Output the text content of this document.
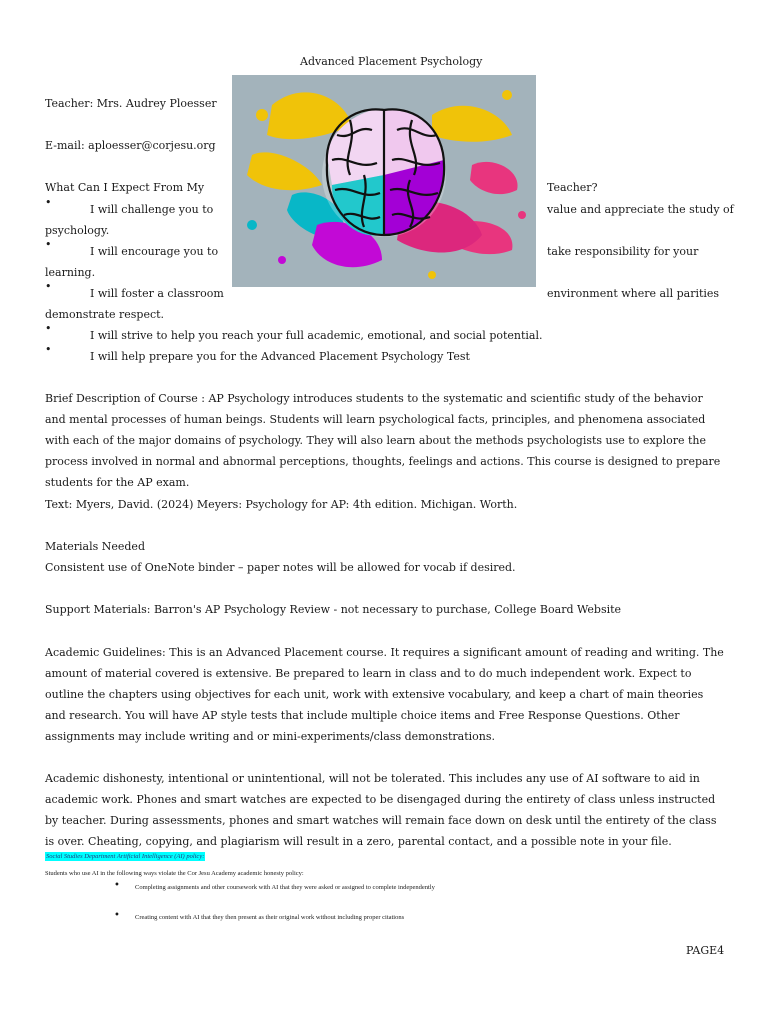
Advanced Placement Psychology
Teacher: Mrs. Audrey Ploesser
E-mail: aploesser@corjesu.org
What Can I Expect From My	Teacher?
•
I will challenge you to	value and appreciate the study of
psychology.
•
I will encourage you to	take responsibility for your
learning.
•
I will foster a classroom	environment where all parities
demonstrate respect.
•
I will strive to help you reach your full academic, emotional, and social potential.
•
I will help prepare you for the Advanced Placement Psychology Test
Brief Description of Course : AP Psychology introduces students to the systematic and scientific study of the behavior and mental processes of human beings. Students will learn psychological facts, principles, and phenomena associated with each of the major domains of psychology. They will also learn about the methods psychologists use to explore the process involved in normal and abnormal perceptions, thoughts, feelings and actions. This course is designed to prepare students for the AP exam.
Text: Myers, David. (2024) Meyers: Psychology for AP: 4th edition. Michigan. Worth.
Materials Needed
Consistent use of OneNote binder – paper notes will be allowed for vocab if desired.
Support Materials: Barron's AP Psychology Review - not necessary to purchase, College Board Website
Academic Guidelines: This is an Advanced Placement course. It requires a significant amount of reading and writing. The amount of material covered is extensive. Be prepared to learn in class and to do much independent work. Expect to outline the chapters using objectives for each unit, work with extensive vocabulary, and keep a chart of main theories and research. You will have AP style tests that include multiple choice items and Free Response Questions. Other assignments may include writing and or mini-experiments/class demonstrations.
Academic dishonesty, intentional or unintentional, will not be tolerated. This includes any use of AI software to aid in academic work. Phones and smart watches are expected to be disengaged during the entirety of class unless instructed by teacher. During assessments, phones and smart watches will remain face down on desk until the entirety of the class is over. Cheating, copying, and plagiarism will result in a zero, parental contact, and a possible note in your file.
Social Studies Department Artificial Intelligence (AI) policy:
Students who use AI in the following ways violate the Cor Jesu Academy academic honesty policy:
• Completing assignments and other coursework with AI that they were asked or assigned to complete independently
• Creating content with AI that they then present as their original work without including proper citations
PAGE4
